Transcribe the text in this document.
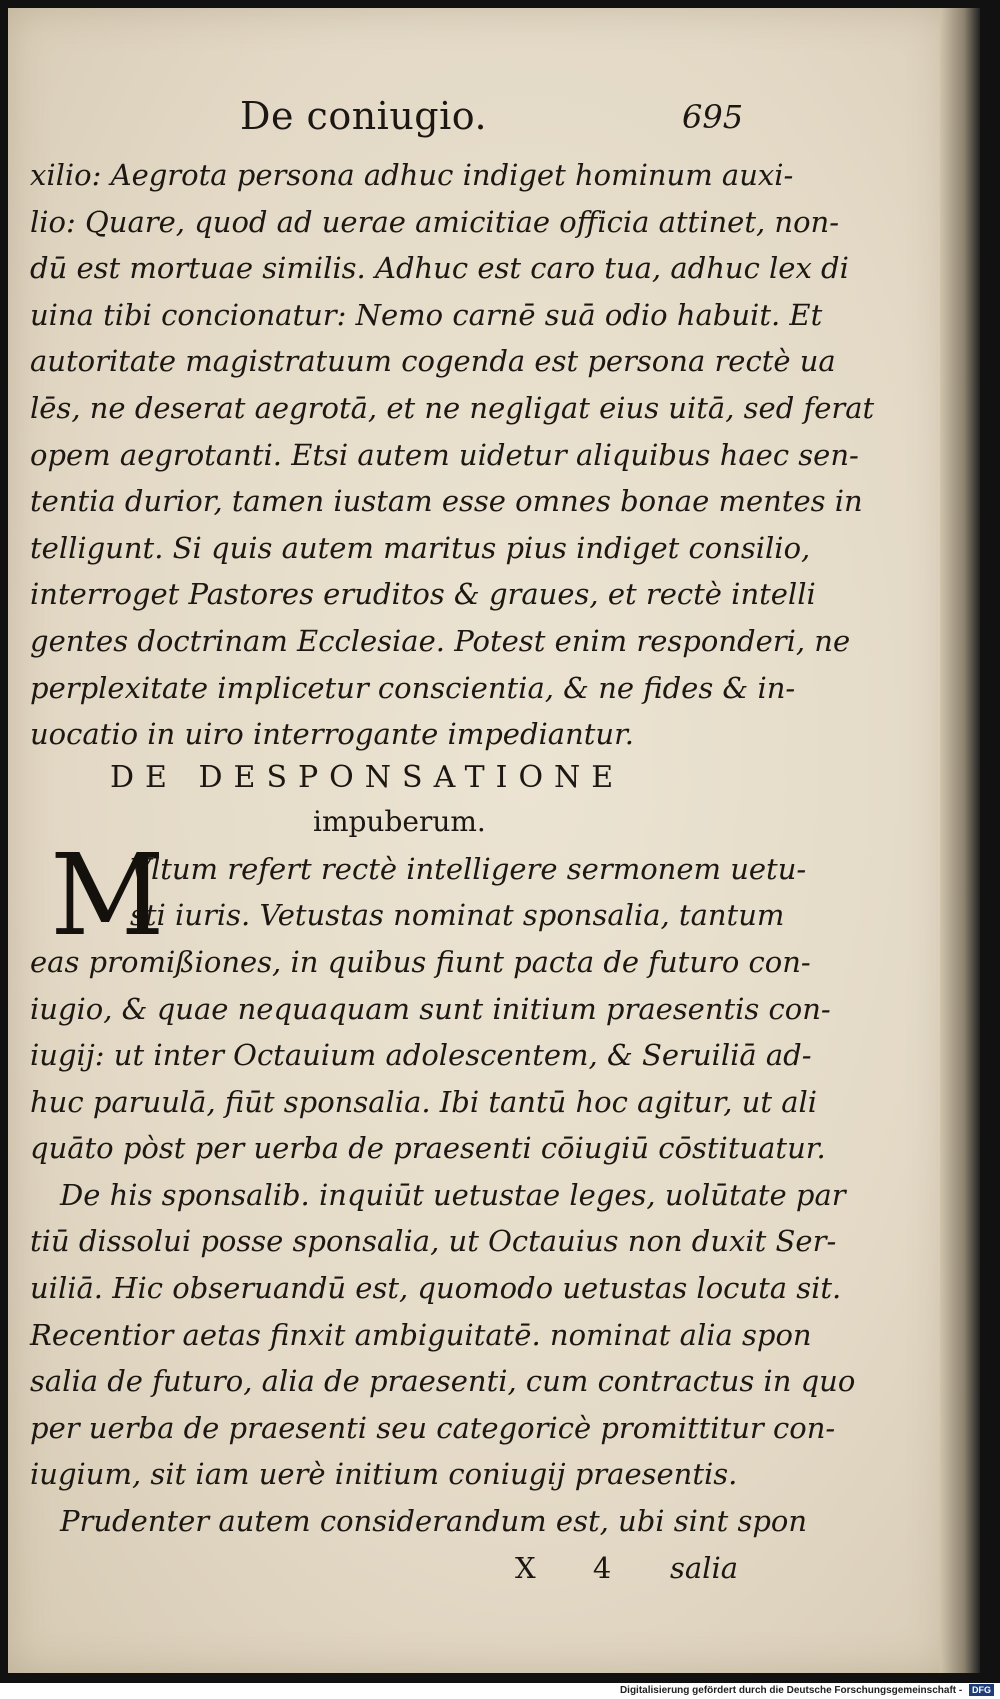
De coniugio.	695
xilio: Aegrota persona adhuc indiget hominum auxi-
lio: Quare, quod ad uerae amicitiae officia attinet, non-
dū est mortuae similis. Adhuc est caro tua, adhuc lex di
uina tibi concionatur: Nemo carnē suā odio habuit. Et
autoritate magistratuum cogenda est persona rectè ua
lēs, ne deserat aegrotā, et ne negligat eius uitā, sed ferat
opem aegrotanti. Etsi autem uidetur aliquibus haec sen-
tentia durior, tamen iustam esse omnes bonae mentes in
telligunt. Si quis autem maritus pius indiget consilio,
interroget Pastores eruditos & graues, et rectè intelli
gentes doctrinam Ecclesiae. Potest enim responderi, ne
perplexitate implicetur conscientia, & ne fides & in-
uocatio in uiro interrogante impediantur.
DE DESPONSATIONE
impuberum.
M
Vltum refert rectè intelligere sermonem uetu-
sti iuris. Vetustas nominat sponsalia, tantum
eas promißiones, in quibus fiunt pacta de futuro con-
iugio, & quae nequaquam sunt initium praesentis con-
iugij: ut inter Octauium adolescentem, & Seruiliā ad-
huc paruulā, fiūt sponsalia. Ibi tantū hoc agitur, ut ali
quāto pòst per uerba de praesenti cōiugiū cōstituatur.
De his sponsalib. inquiūt uetustae leges, uolūtate par
tiū dissolui posse sponsalia, ut Octauius non duxit Ser-
uiliā. Hic obseruandū est, quomodo uetustas locuta sit.
Recentior aetas finxit ambiguitatē. nominat alia spon
salia de futuro, alia de praesenti, cum contractus in quo
per uerba de praesenti seu categoricè promittitur con-
iugium, sit iam uerè initium coniugij praesentis.
Prudenter autem considerandum est, ubi sint spon
X 4 salia
Digitalisierung gefördert durch die Deutsche Forschungsgemeinschaft - DFG
